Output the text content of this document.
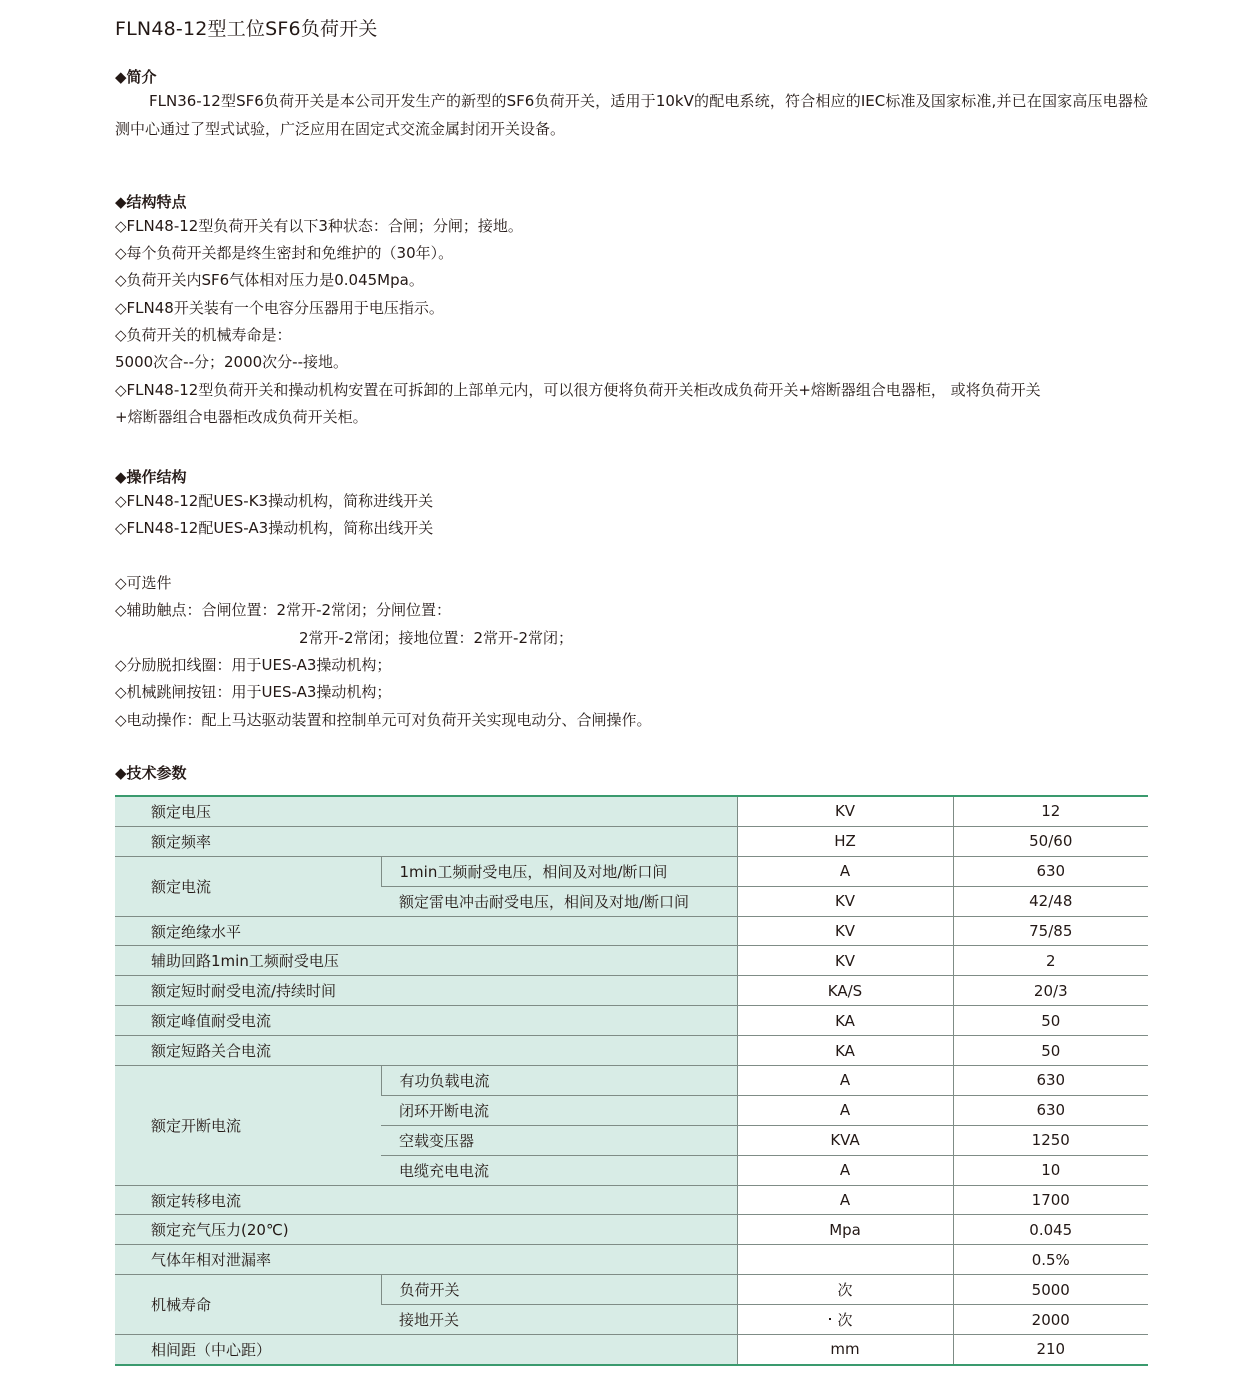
FLN48-12型工位SF6负荷开关
◆简介
FLN36-12型SF6负荷开关是本公司开发生产的新型的SF6负荷开关，适用于10kV的配电系统，符合相应的IEC标准及国家标准,并已在国家高压电器检测中心通过了型式试验，广泛应用在固定式交流金属封闭开关设备。
◆结构特点
◇FLN48-12型负荷开关有以下3种状态：合闸；分闸；接地。
◇每个负荷开关都是终生密封和免维护的（30年）。
◇负荷开关内SF6气体相对压力是0.045Mpa。
◇FLN48开关装有一个电容分压器用于电压指示。
◇负荷开关的机械寿命是：
5000次合--分；2000次分--接地。
◇FLN48-12型负荷开关和操动机构安置在可拆卸的上部单元内，可以很方便将负荷开关柜改成负荷开关+熔断器组合电器柜， 或将负荷开关
+熔断器组合电器柜改成负荷开关柜。
◆操作结构
◇FLN48-12配UES-K3操动机构，简称进线开关
◇FLN48-12配UES-A3操动机构，简称出线开关
◇可选件
◇辅助触点：合闸位置：2常开-2常闭；分闸位置：
2常开-2常闭；接地位置：2常开-2常闭；
◇分励脱扣线圈：用于UES-A3操动机构；
◇机械跳闸按钮：用于UES-A3操动机构；
◇电动操作：配上马达驱动装置和控制单元可对负荷开关实现电动分、合闸操作。
◆技术参数
额定电压		KV	12
额定频率		HZ	50/60
额定电流	1min工频耐受电压，相间及对地/断口间	A	630
	额定雷电冲击耐受电压，相间及对地/断口间	KV	42/48
额定绝缘水平		KV	75/85
辅助回路1min工频耐受电压		KV	2
额定短时耐受电流/持续时间		KA/S	20/3
额定峰值耐受电流		KA	50
额定短路关合电流		KA	50
额定开断电流	有功负载电流	A	630
	闭环开断电流	A	630
	空载变压器	KVA	1250
	电缆充电电流	A	10
额定转移电流		A	1700
额定充气压力(20℃)		Mpa	0.045
气体年相对泄漏率			0.5%
机械寿命	负荷开关	次	5000
	接地开关	次	2000
相间距（中心距）		mm	210
